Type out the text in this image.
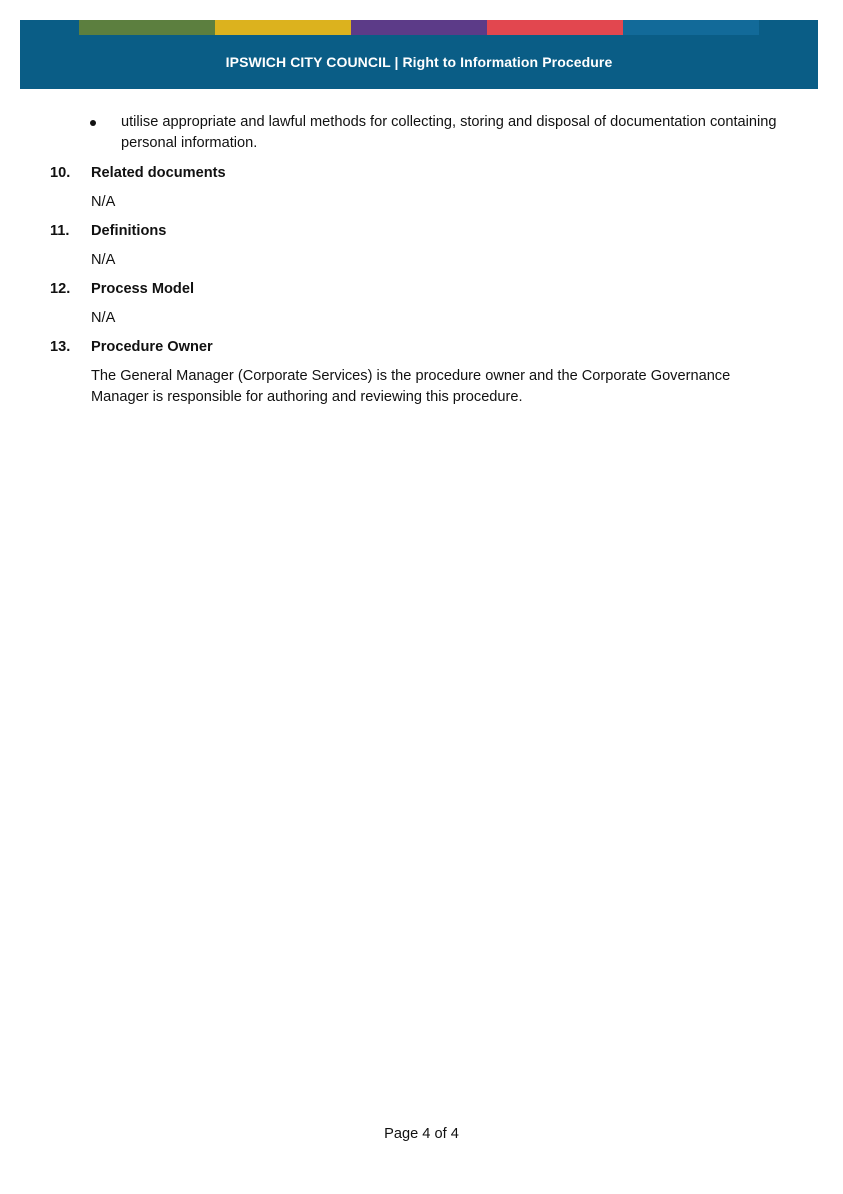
IPSWICH CITY COUNCIL | Right to Information Procedure
utilise appropriate and lawful methods for collecting, storing and disposal of documentation containing personal information.
10. Related documents
N/A
11. Definitions
N/A
12. Process Model
N/A
13. Procedure Owner
The General Manager (Corporate Services) is the procedure owner and the Corporate Governance Manager is responsible for authoring and reviewing this procedure.
Page 4 of 4
